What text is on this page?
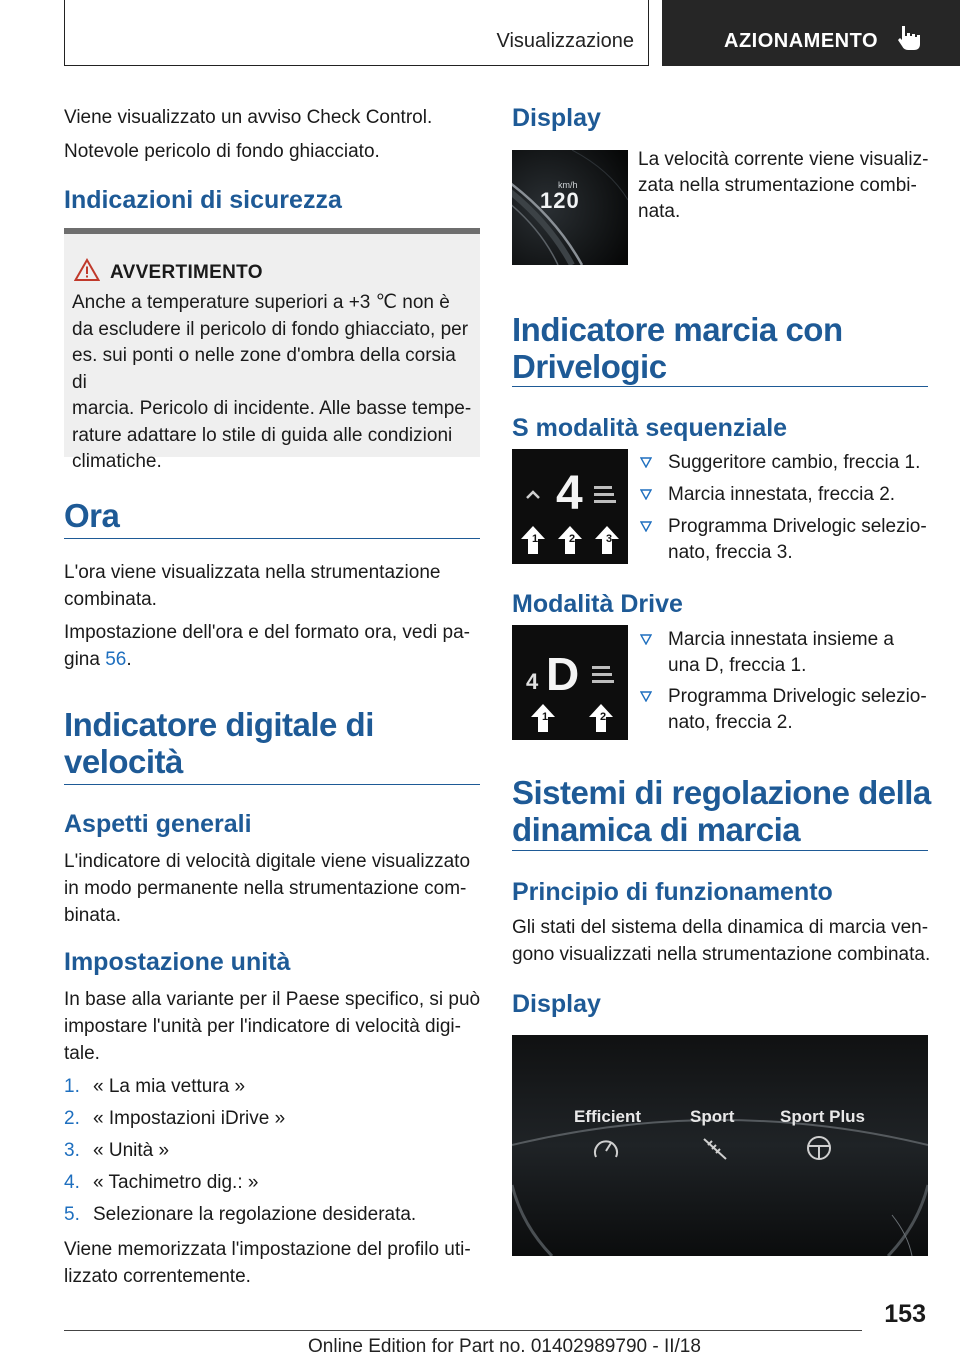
Visualizzazione	AZIONAMENTO

Viene visualizzato un avviso Check Control.

Notevole pericolo di fondo ghiacciato.

Indicazioni di sicurezza
AVVERTIMENTO
Anche a temperature superiori a +3 ℃ non è
da escludere il pericolo di fondo ghiacciato, per
es. sui ponti o nelle zone d'ombra della corsia di
marcia. Pericolo di incidente. Alle basse tempe‐
rature adattare lo stile di guida alle condizioni
climatiche.
Ora

L'ora viene visualizzata nella strumentazione

combinata.

Impostazione dell'ora e del formato ora, vedi pa‐

gina 56.

Indicatore digitale di
velocità
Aspetti generali

L'indicatore di velocità digitale viene visualizzato

in modo permanente nella strumentazione com‐

binata.

Impostazione unità

In base alla variante per il Paese specifico, si può

impostare l'unità per l'indicatore di velocità digi‐

tale.

1. « La mia vettura »
2. « Impostazioni iDrive »
3. « Unità »
4. « Tachimetro dig.: »
5. Selezionare la regolazione desiderata.

Viene memorizzata l'impostazione del profilo uti‐

lizzato correntemente.

Display
km/h
120

La velocità corrente viene visualiz‐

zata nella strumentazione combi‐

nata.

Indicatore marcia con
Drivelogic
S modalità sequenziale
4
1	2	3
Suggeritore cambio, freccia 1.
Marcia innestata, freccia 2.
Programma Drivelogic selezio‐
nato, freccia 3.
Modalità Drive
4 D
1	2
Marcia innestata insieme a
una D, freccia 1.
Programma Drivelogic selezio‐
nato, freccia 2.
Sistemi di regolazione della
dinamica di marcia
Principio di funzionamento

Gli stati del sistema della dinamica di marcia ven‐

gono visualizzati nella strumentazione combinata.

Display
Efficient	Sport	Sport Plus
153
Online Edition for Part no. 01402989790 - II/18
